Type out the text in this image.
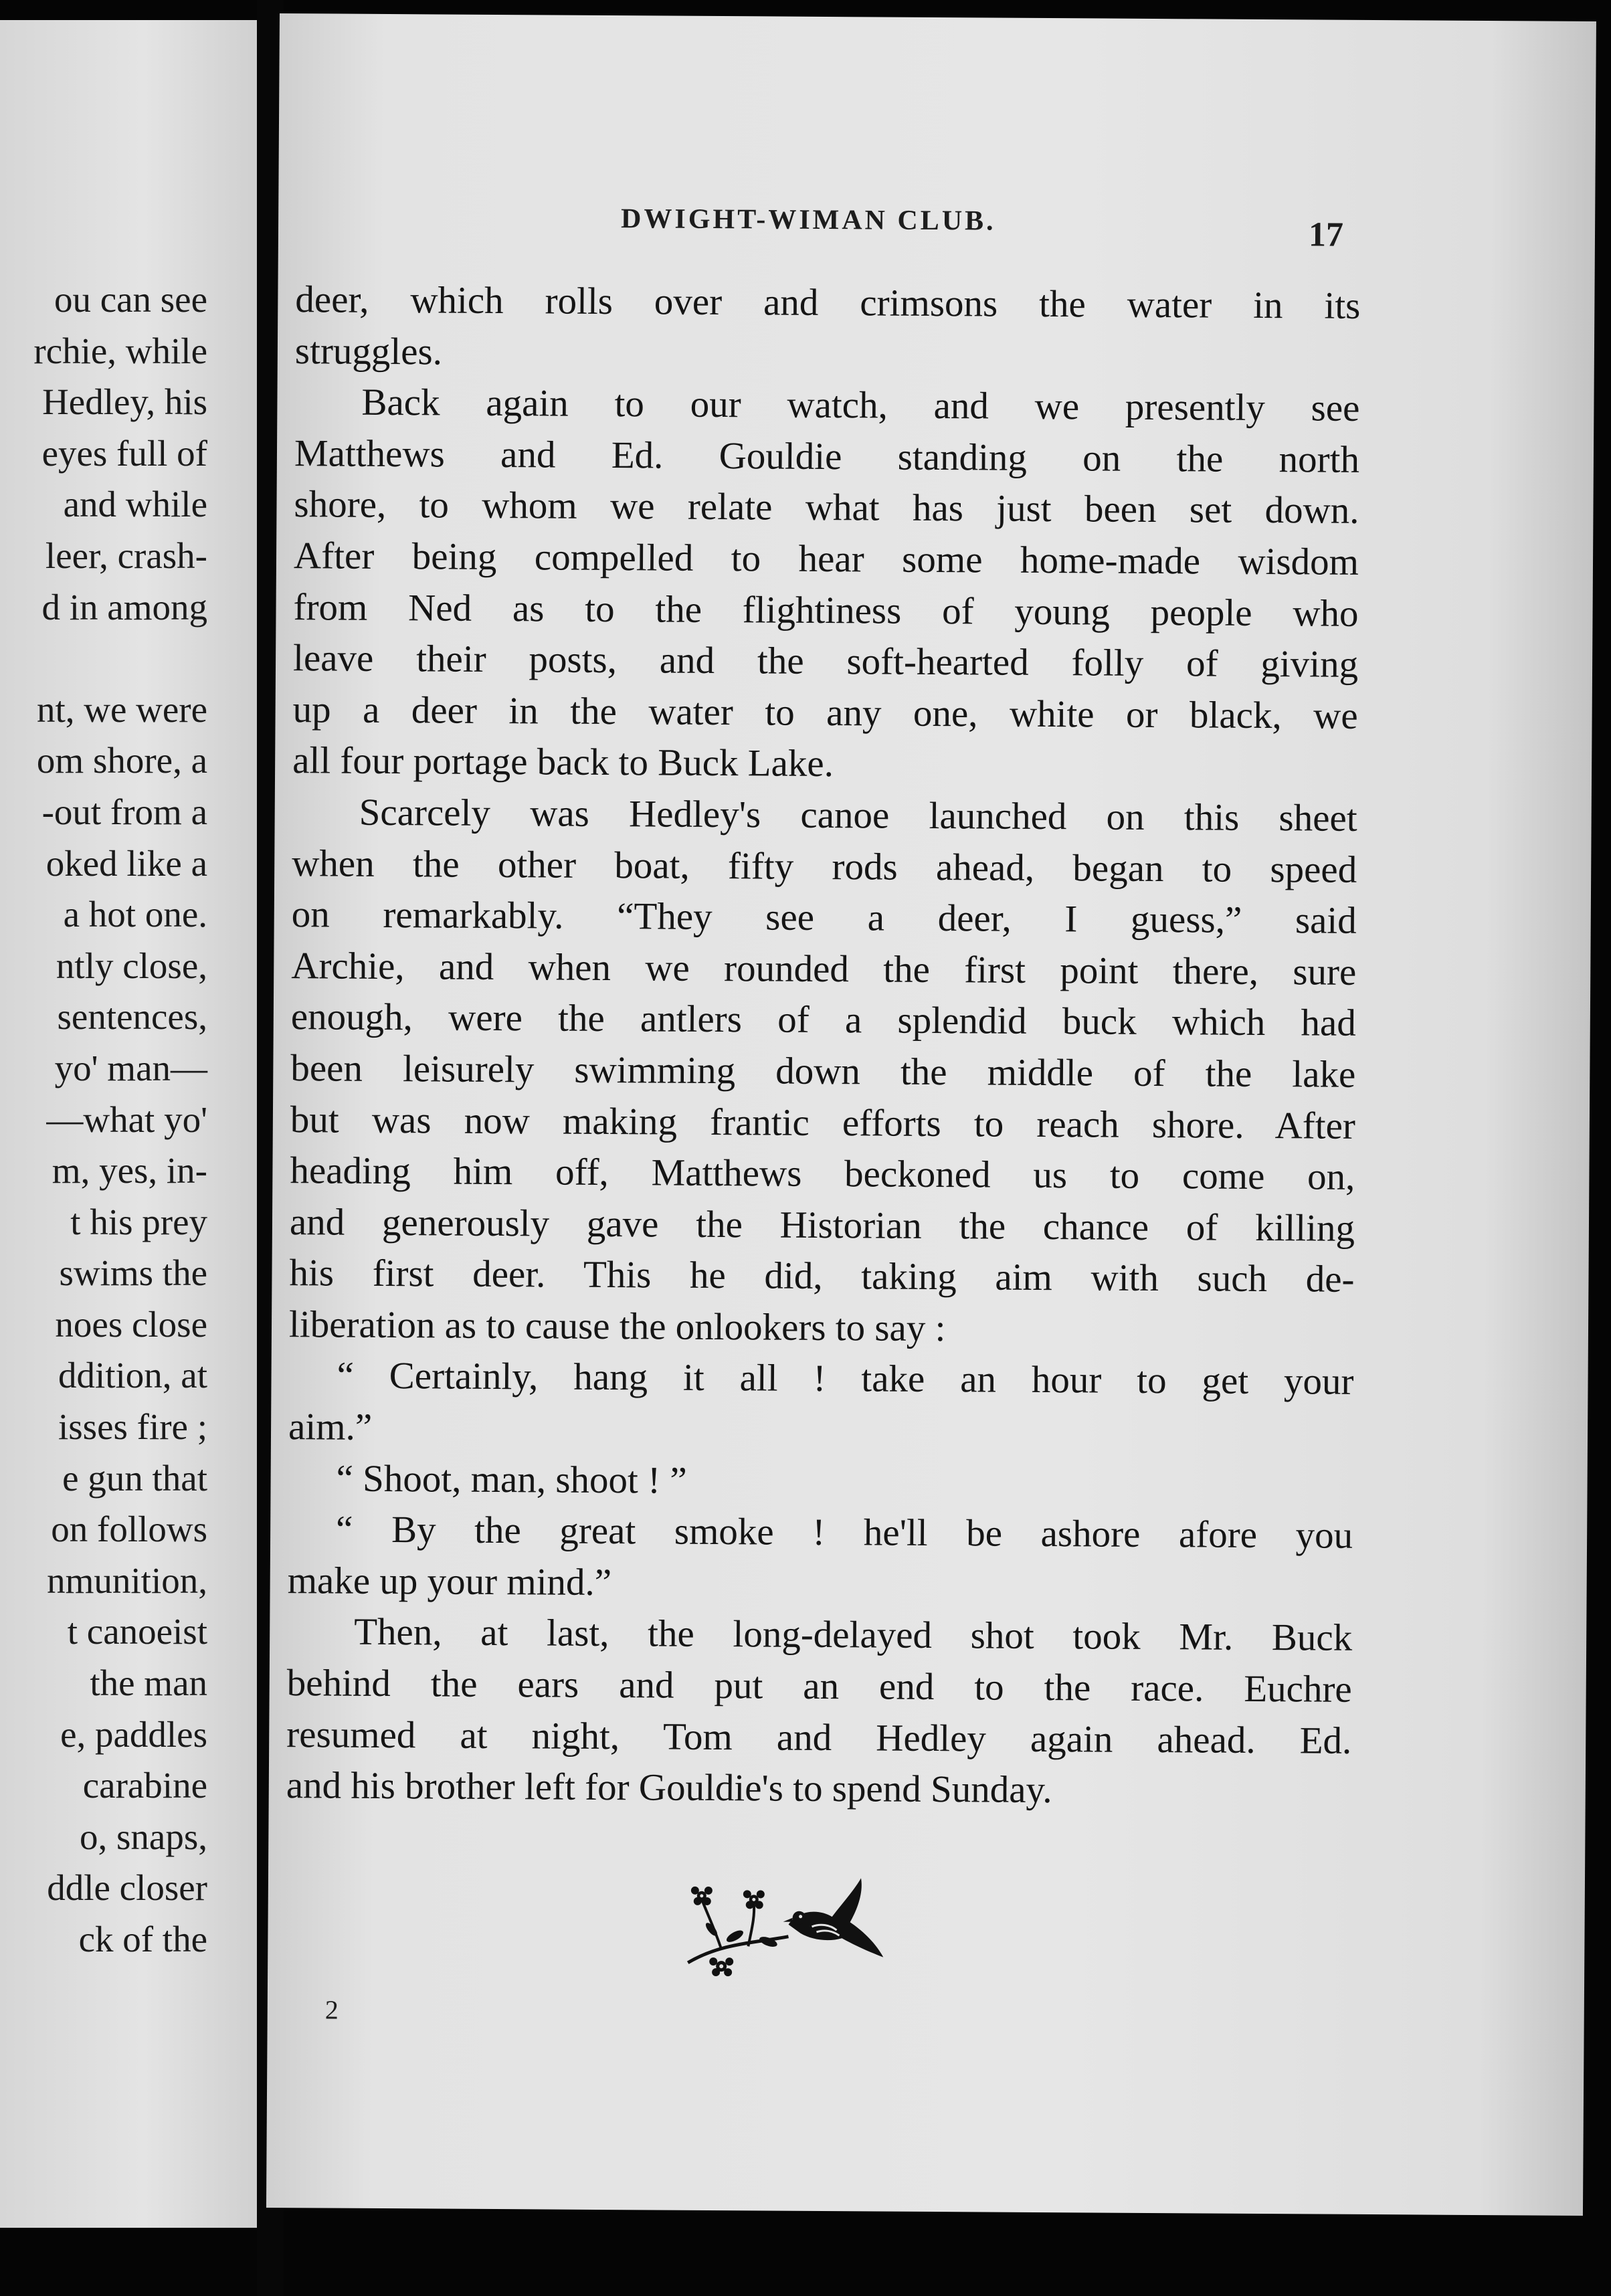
ou can see
rchie, while
Hedley, his
eyes full of
and while
leer, crash-
d in among
nt, we were
om shore, a
-out from a
oked like a
a hot one.
ntly close,
sentences,
yo' man—
—what yo'
m, yes, in-
t his prey
swims the
noes close
ddition, at
isses fire ;
e gun that
on follows
nmunition,
t canoeist
the man
e, paddles
carabine
o, snaps,
ddle closer
ck of the
DWIGHT-WIMAN CLUB.	17
deer, which rolls over and crimsons the water in its
struggles.
Back again to our watch, and we presently see
Matthews and Ed. Gouldie standing on the north
shore, to whom we relate what has just been set down.
After being compelled to hear some home-made wisdom
from Ned as to the flightiness of young people who
leave their posts, and the soft-hearted folly of giving
up a deer in the water to any one, white or black, we
all four portage back to Buck Lake.
Scarcely was Hedley's canoe launched on this sheet
when the other boat, fifty rods ahead, began to speed
on remarkably. “They see a deer, I guess,” said
Archie, and when we rounded the first point there, sure
enough, were the antlers of a splendid buck which had
been leisurely swimming down the middle of the lake
but was now making frantic efforts to reach shore. After
heading him off, Matthews beckoned us to come on,
and generously gave the Historian the chance of killing
his first deer. This he did, taking aim with such de-
liberation as to cause the onlookers to say :
“ Certainly, hang it all ! take an hour to get your
aim.”
“ Shoot, man, shoot ! ”
“ By the great smoke ! he'll be ashore afore you
make up your mind.”
Then, at last, the long-delayed shot took Mr. Buck
behind the ears and put an end to the race. Euchre
resumed at night, Tom and Hedley again ahead. Ed.
and his brother left for Gouldie's to spend Sunday.
2
